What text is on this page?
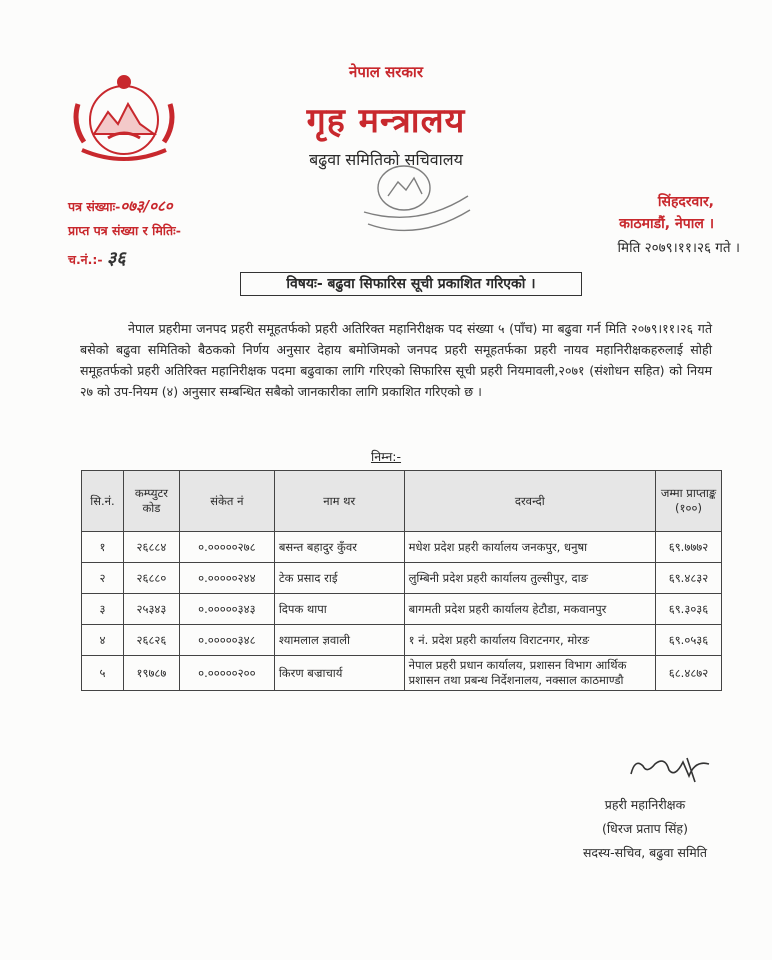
नेपाल सरकार
गृह मन्त्रालय
बढुवा समितिको सचिवालय
पत्र संख्याः-०७३/०८०
प्राप्त पत्र संख्या र मितिः-
च.नं.:- ३६
सिंहदरवार,
काठमाडौं, नेपाल ।
मिति २०७९।११।२६ गते ।
विषयः- बढुवा सिफारिस सूची प्रकाशित गरिएको ।
नेपाल प्रहरीमा जनपद प्रहरी समूहतर्फको प्रहरी अतिरिक्त महानिरीक्षक पद संख्या ५ (पाँच) मा बढुवा गर्न मिति २०७९।११।२६ गते बसेको बढुवा समितिको बैठकको निर्णय अनुसार देहाय बमोजिमको जनपद प्रहरी समूहतर्फका प्रहरी नायव महानिरीक्षकहरुलाई सोही समूहतर्फको प्रहरी अतिरिक्त महानिरीक्षक पदमा बढुवाका लागि गरिएको सिफारिस सूची प्रहरी नियमावली,२०७१ (संशोधन सहित) को नियम २७ को उप-नियम (४) अनुसार सम्बन्धित सबैको जानकारीका लागि प्रकाशित गरिएको छ ।
निम्न:-
सि.नं.	कम्प्युटर कोड	संकेत नं	नाम थर	दरवन्दी	जम्मा प्राप्ताङ्क (१००)
१	२६८८४	०.०००००२७८	बसन्त बहादुर कुँवर	मधेश प्रदेश प्रहरी कार्यालय जनकपुर, धनुषा	६९.७७७२
२	२६८८०	०.०००००२४४	टेक प्रसाद राई	लुम्बिनी प्रदेश प्रहरी कार्यालय तुल्सीपुर, दाङ	६९.४८३२
३	२५३४३	०.०००००३४३	दिपक थापा	बागमती प्रदेश प्रहरी कार्यालय हेटौडा, मकवानपुर	६९.३०३६
४	२६८२६	०.०००००३४८	श्यामलाल ज्ञवाली	१ नं. प्रदेश प्रहरी कार्यालय विराटनगर, मोरङ	६९.०५३६
५	१९७८७	०.०००००२००	किरण बज्राचार्य	नेपाल प्रहरी प्रधान कार्यालय, प्रशासन विभाग आर्थिक प्रशासन तथा प्रबन्ध निर्देशनालय, नक्साल काठमाण्डौ	६८.४८७२
प्रहरी महानिरीक्षक
(धिरज प्रताप सिंह)
सदस्य-सचिव, बढुवा समिति
